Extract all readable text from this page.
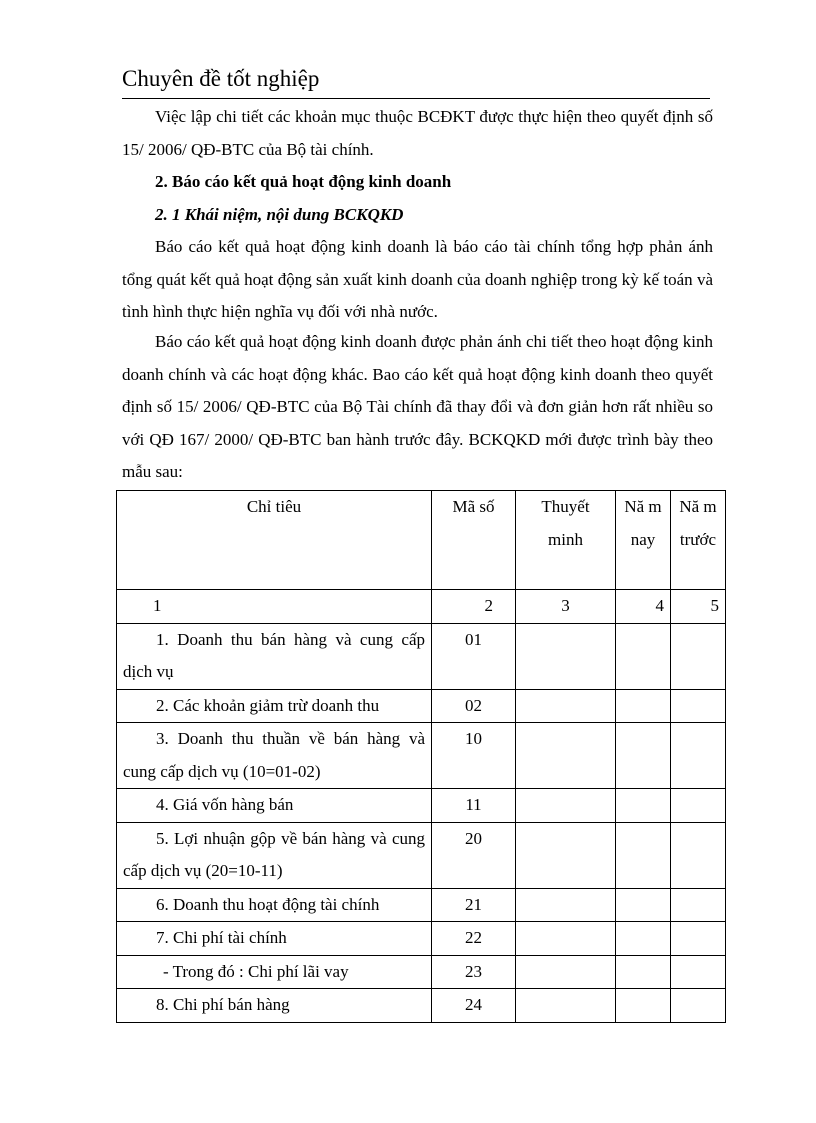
Chuyên đề tốt nghiệp

Việc lập chi tiết các khoản mục thuộc BCĐKT được thực hiện theo quyết định số 15/ 2006/ QĐ-BTC của Bộ tài chính.

2. Báo cáo kết quả hoạt động kinh doanh
2. 1 Khái niệm, nội dung BCKQKD

Báo cáo kết quả hoạt động kinh doanh là báo cáo tài chính tổng hợp phản ánh tổng quát kết quả hoạt động sản xuất kinh doanh của doanh nghiệp trong kỳ kế toán và tình hình thực hiện nghĩa vụ đối với nhà nước.

Báo cáo kết quả hoạt động kinh doanh được phản ánh chi tiết theo hoạt động kinh doanh chính và các hoạt động khác. Bao cáo kết quả hoạt động kinh doanh theo quyết định số 15/ 2006/ QĐ-BTC của Bộ Tài chính đã thay đổi và đơn giản hơn rất nhiều so với QĐ 167/ 2000/ QĐ-BTC ban hành trước đây. BCKQKD mới được trình bày theo mẫu sau:

Chỉ tiêu	Mã số	Thuyết minh	Nă m nay	Nă m trước
1	2	3	4	5
1. Doanh thu bán hàng và cung cấp dịch vụ	01			
2. Các khoản giảm trừ doanh thu	02			
3. Doanh thu thuần về bán hàng và cung cấp dịch vụ (10=01-02)	10			
4. Giá vốn hàng bán	11			
5. Lợi nhuận gộp về bán hàng và cung cấp dịch vụ (20=10-11)	20			
6. Doanh thu hoạt động tài chính	21			
7. Chi phí tài chính	22			
- Trong đó : Chi phí lãi vay	23			
8. Chi phí bán hàng	24			
